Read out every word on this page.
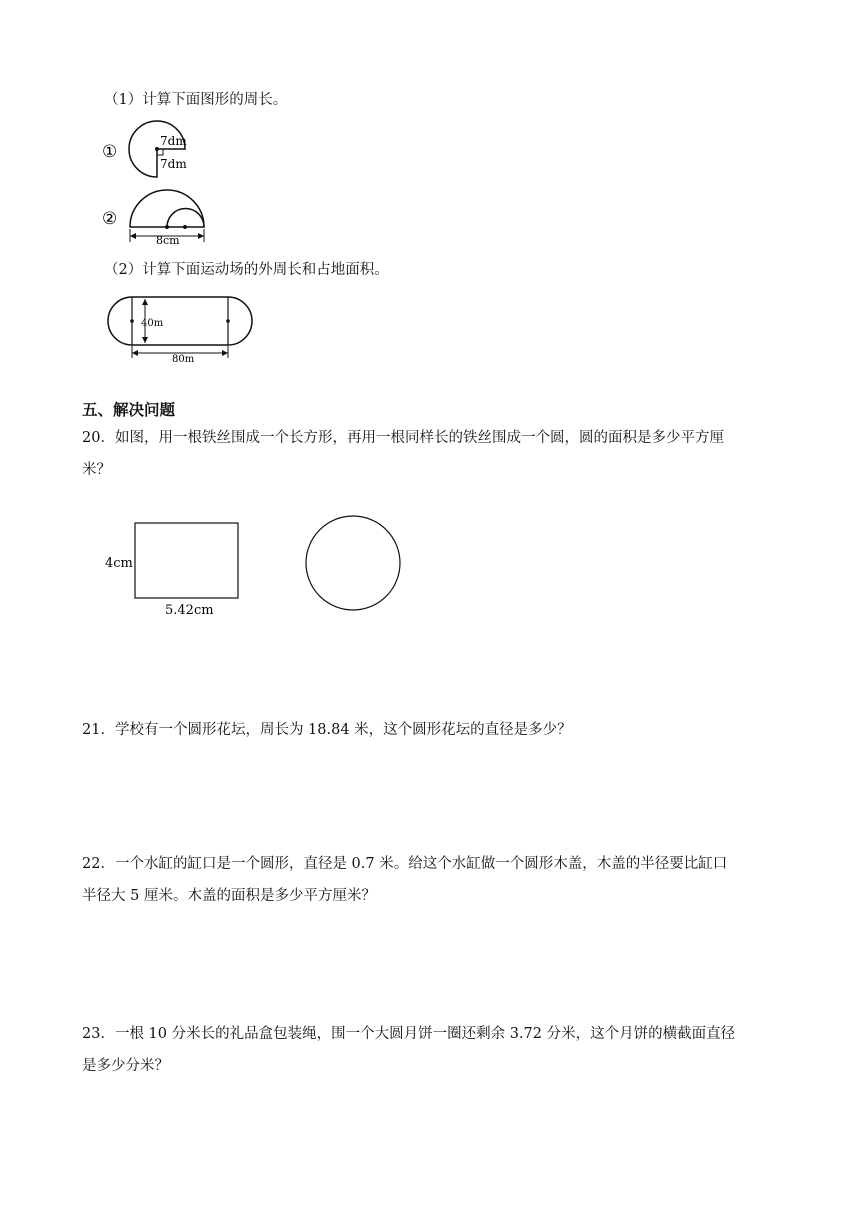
（1）计算下面图形的周长。
①
7dm
7dm
②
8cm
（2）计算下面运动场的外周长和占地面积。
40m
80m
五、解决问题
20．如图，用一根铁丝围成一个长方形，再用一根同样长的铁丝围成一个圆，圆的面积是多少平方厘
米？
4cm
5.42cm
21．学校有一个圆形花坛，周长为 18.84 米，这个圆形花坛的直径是多少？
22．一个水缸的缸口是一个圆形，直径是 0.7 米。给这个水缸做一个圆形木盖，木盖的半径要比缸口
半径大 5 厘米。木盖的面积是多少平方厘米？
23．一根 10 分米长的礼品盒包装绳，围一个大圆月饼一圈还剩余 3.72 分米，这个月饼的横截面直径
是多少分米？
